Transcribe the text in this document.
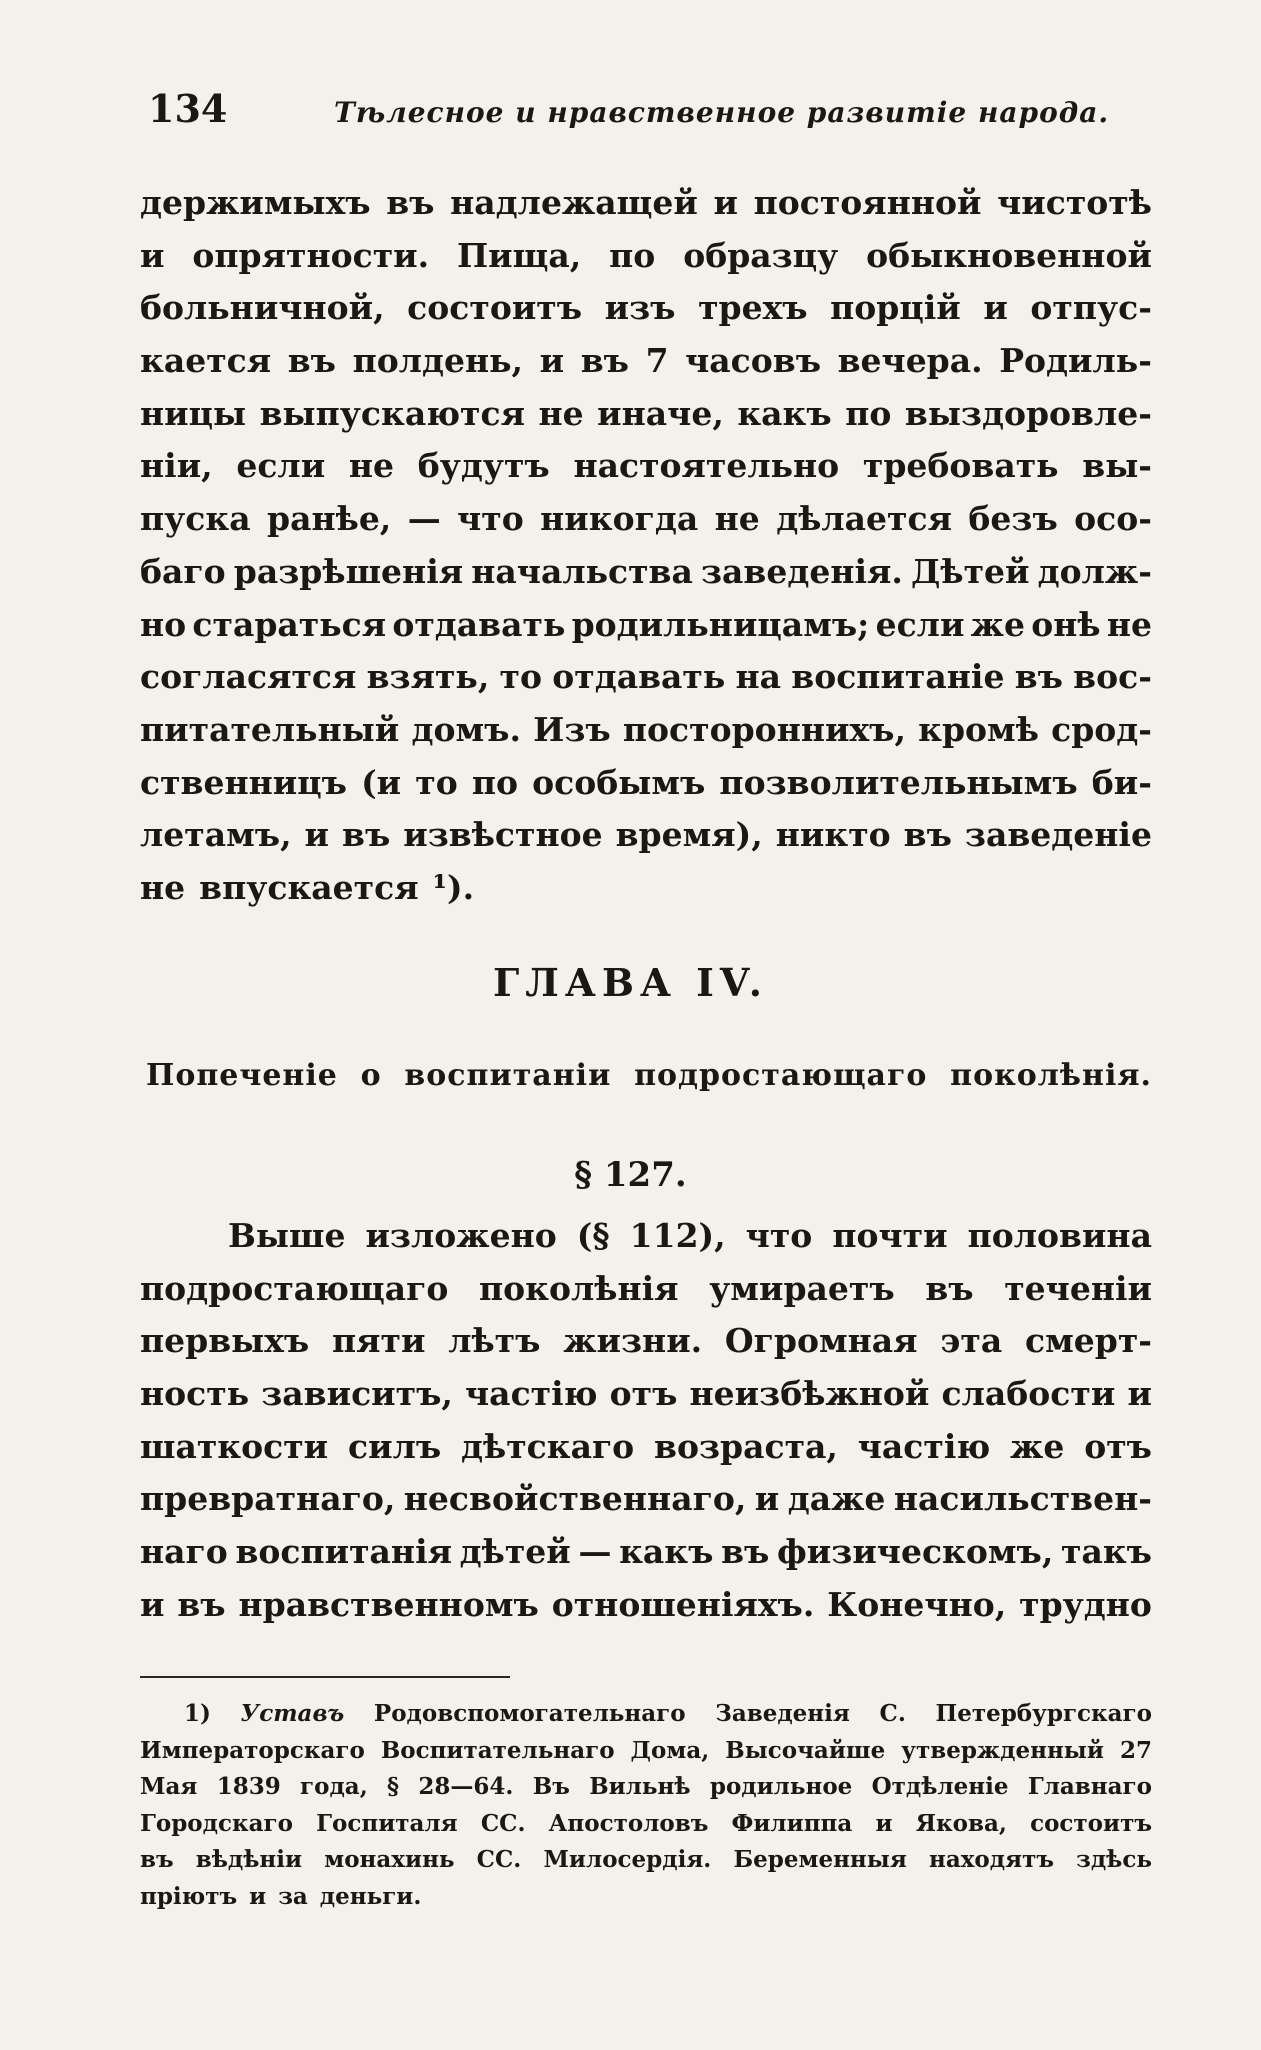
134	Тѣлесное и нравственное развитіе народа.
держимыхъ въ надлежащей и постоянной чистотѣ
и опрятности. Пища, по образцу обыкновенной
больничной, состоитъ изъ трехъ порцій и отпус-
кается въ полдень, и въ 7 часовъ вечера. Родиль-
ницы выпускаются не иначе, какъ по выздоровле-
ніи, если не будутъ настоятельно требовать вы-
пуска ранѣе, — что никогда не дѣлается безъ осо-
баго разрѣшенія начальства заведенія. Дѣтей долж-
но стараться отдавать родильницамъ; если же онѣ не
согласятся взять, то отдавать на воспитаніе въ вос-
питательный домъ. Изъ постороннихъ, кромѣ срод-
ственницъ (и то по особымъ позволительнымъ би-
летамъ, и въ извѣстное время), никто въ заведеніе
не впускается ¹).
ГЛАВА IV.
Попеченіе о воспитаніи подростающаго поколѣнія.
§ 127.
Выше изложено (§ 112), что почти половина
подростающаго поколѣнія умираетъ въ теченіи
первыхъ пяти лѣтъ жизни. Огромная эта смерт-
ность зависитъ, частію отъ неизбѣжной слабости и
шаткости силъ дѣтскаго возраста, частію же отъ
превратнаго, несвойственнаго, и даже насильствен-
наго воспитанія дѣтей — какъ въ физическомъ, такъ
и въ нравственномъ отношеніяхъ. Конечно, трудно
1) Уставъ Родовспомогательнаго Заведенія С. Петербургскаго
Императорскаго Воспитательнаго Дома, Высочайше утвержденный 27
Мая 1839 года, § 28—64. Въ Вильнѣ родильное Отдѣленіе Главнаго
Городскаго Госпиталя СС. Апостоловъ Филиппа и Якова, состоитъ
въ вѣдѣніи монахинь СС. Милосердія. Беременныя находятъ здѣсь
пріютъ и за деньги.
